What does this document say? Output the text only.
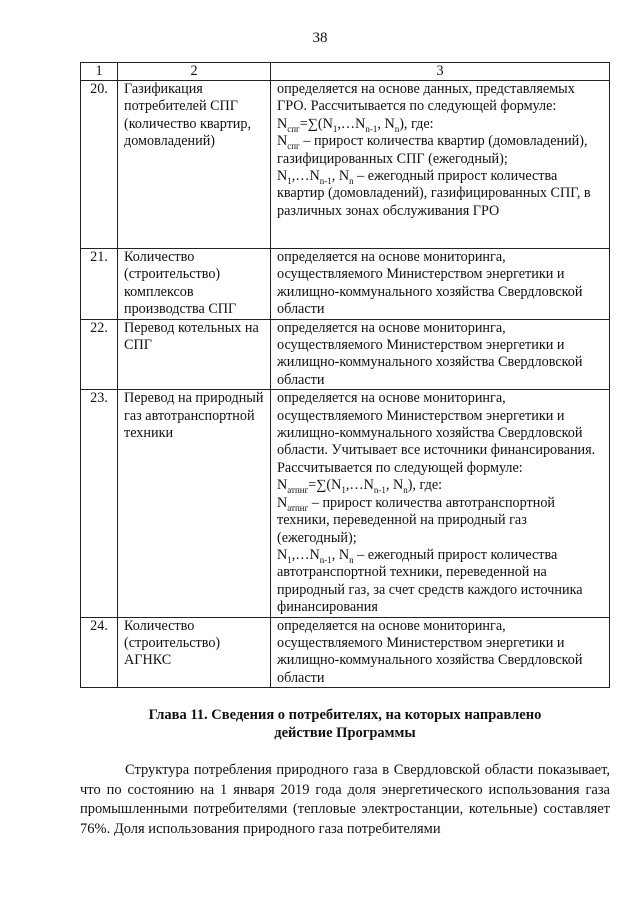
38
1	2	3
20.	Газификация потребителей СПГ (количество квартир, домовладений)	определяется на основе данных, представляемых ГРО. Рассчитывается по следующей формуле:
$N_{спг}=\sum(N_1,\dots N_{n-1}$, $N_n$), где:
$N_{спг}$ – прирост количества квартир (домовладений), газифицированных СПГ (ежегодный);
$N_1,\dots N_{n-1}$, $N_n$ – ежегодный прирост количества квартир (домовладений), газифицированных СПГ, в различных зонах обслуживания ГРО
21.	Количество (строительство) комплексов производства СПГ	определяется на основе мониторинга, осуществляемого Министерством энергетики и жилищно-коммунального хозяйства Свердловской области
22.	Перевод котельных на СПГ	определяется на основе мониторинга, осуществляемого Министерством энергетики и жилищно-коммунального хозяйства Свердловской области
23.	Перевод на природный газ автотранспортной техники	определяется на основе мониторинга, осуществляемого Министерством энергетики и жилищно-коммунального хозяйства Свердловской области. Учитывает все источники финансирования. Рассчитывается по следующей формуле:
$N_{атпнг}=\sum(N_1,\dots N_{n-1}$, $N_n$), где:
$N_{атпнг}$ – прирост количества автотранспортной техники, переведенной на природный газ (ежегодный);
$N_1,\dots N_{n-1}$, $N_n$ – ежегодный прирост количества автотранспортной техники, переведенной на природный газ, за счет средств каждого источника финансирования
24.	Количество (строительство) АГНКС	определяется на основе мониторинга, осуществляемого Министерством энергетики и жилищно-коммунального хозяйства Свердловской области
Глава 11. Сведения о потребителях, на которых направлено
действие Программы

Структура потребления природного газа в Свердловской области показывает, что по состоянию на 1 января 2019 года доля энергетического использования газа промышленными потребителями (тепловые электростанции, котельные) составляет 76%. Доля использования природного газа потребителями
